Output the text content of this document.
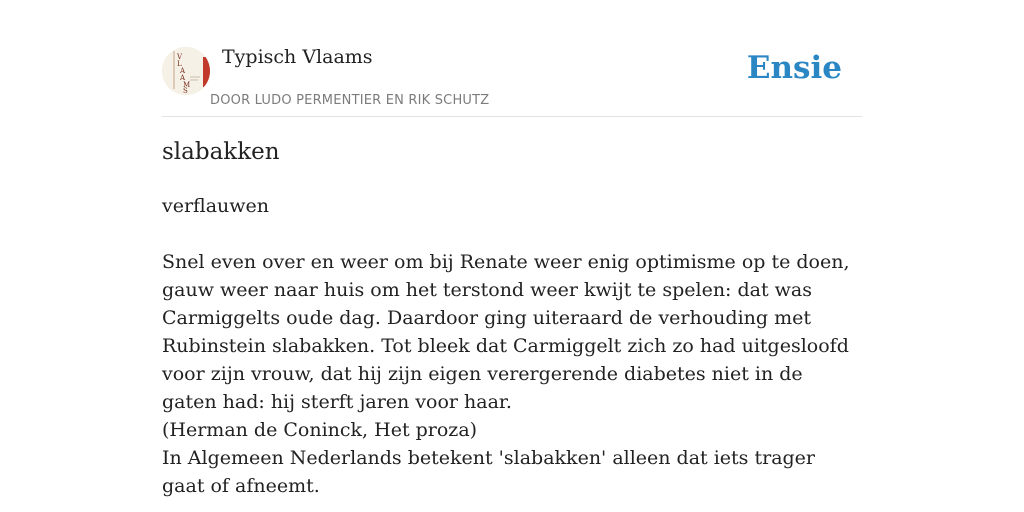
V L A A M S
Typisch Vlaams
DOOR LUDO PERMENTIER EN RIK SCHUTZ
Ensie
slabakken

verflauwen

Snel even over en weer om bij Renate weer enig optimisme op te doen, gauw weer naar huis om het terstond weer kwijt te spelen: dat was Carmiggelts oude dag. Daardoor ging uiteraard de verhouding met Rubinstein slabakken. Tot bleek dat Carmiggelt zich zo had uitgesloofd voor zijn vrouw, dat hij zijn eigen verergerende diabetes niet in de gaten had: hij sterft jaren voor haar.
(Herman de Coninck, Het proza)

In Algemeen Nederlands betekent 'slabakken' alleen dat iets trager gaat of afneemt.
